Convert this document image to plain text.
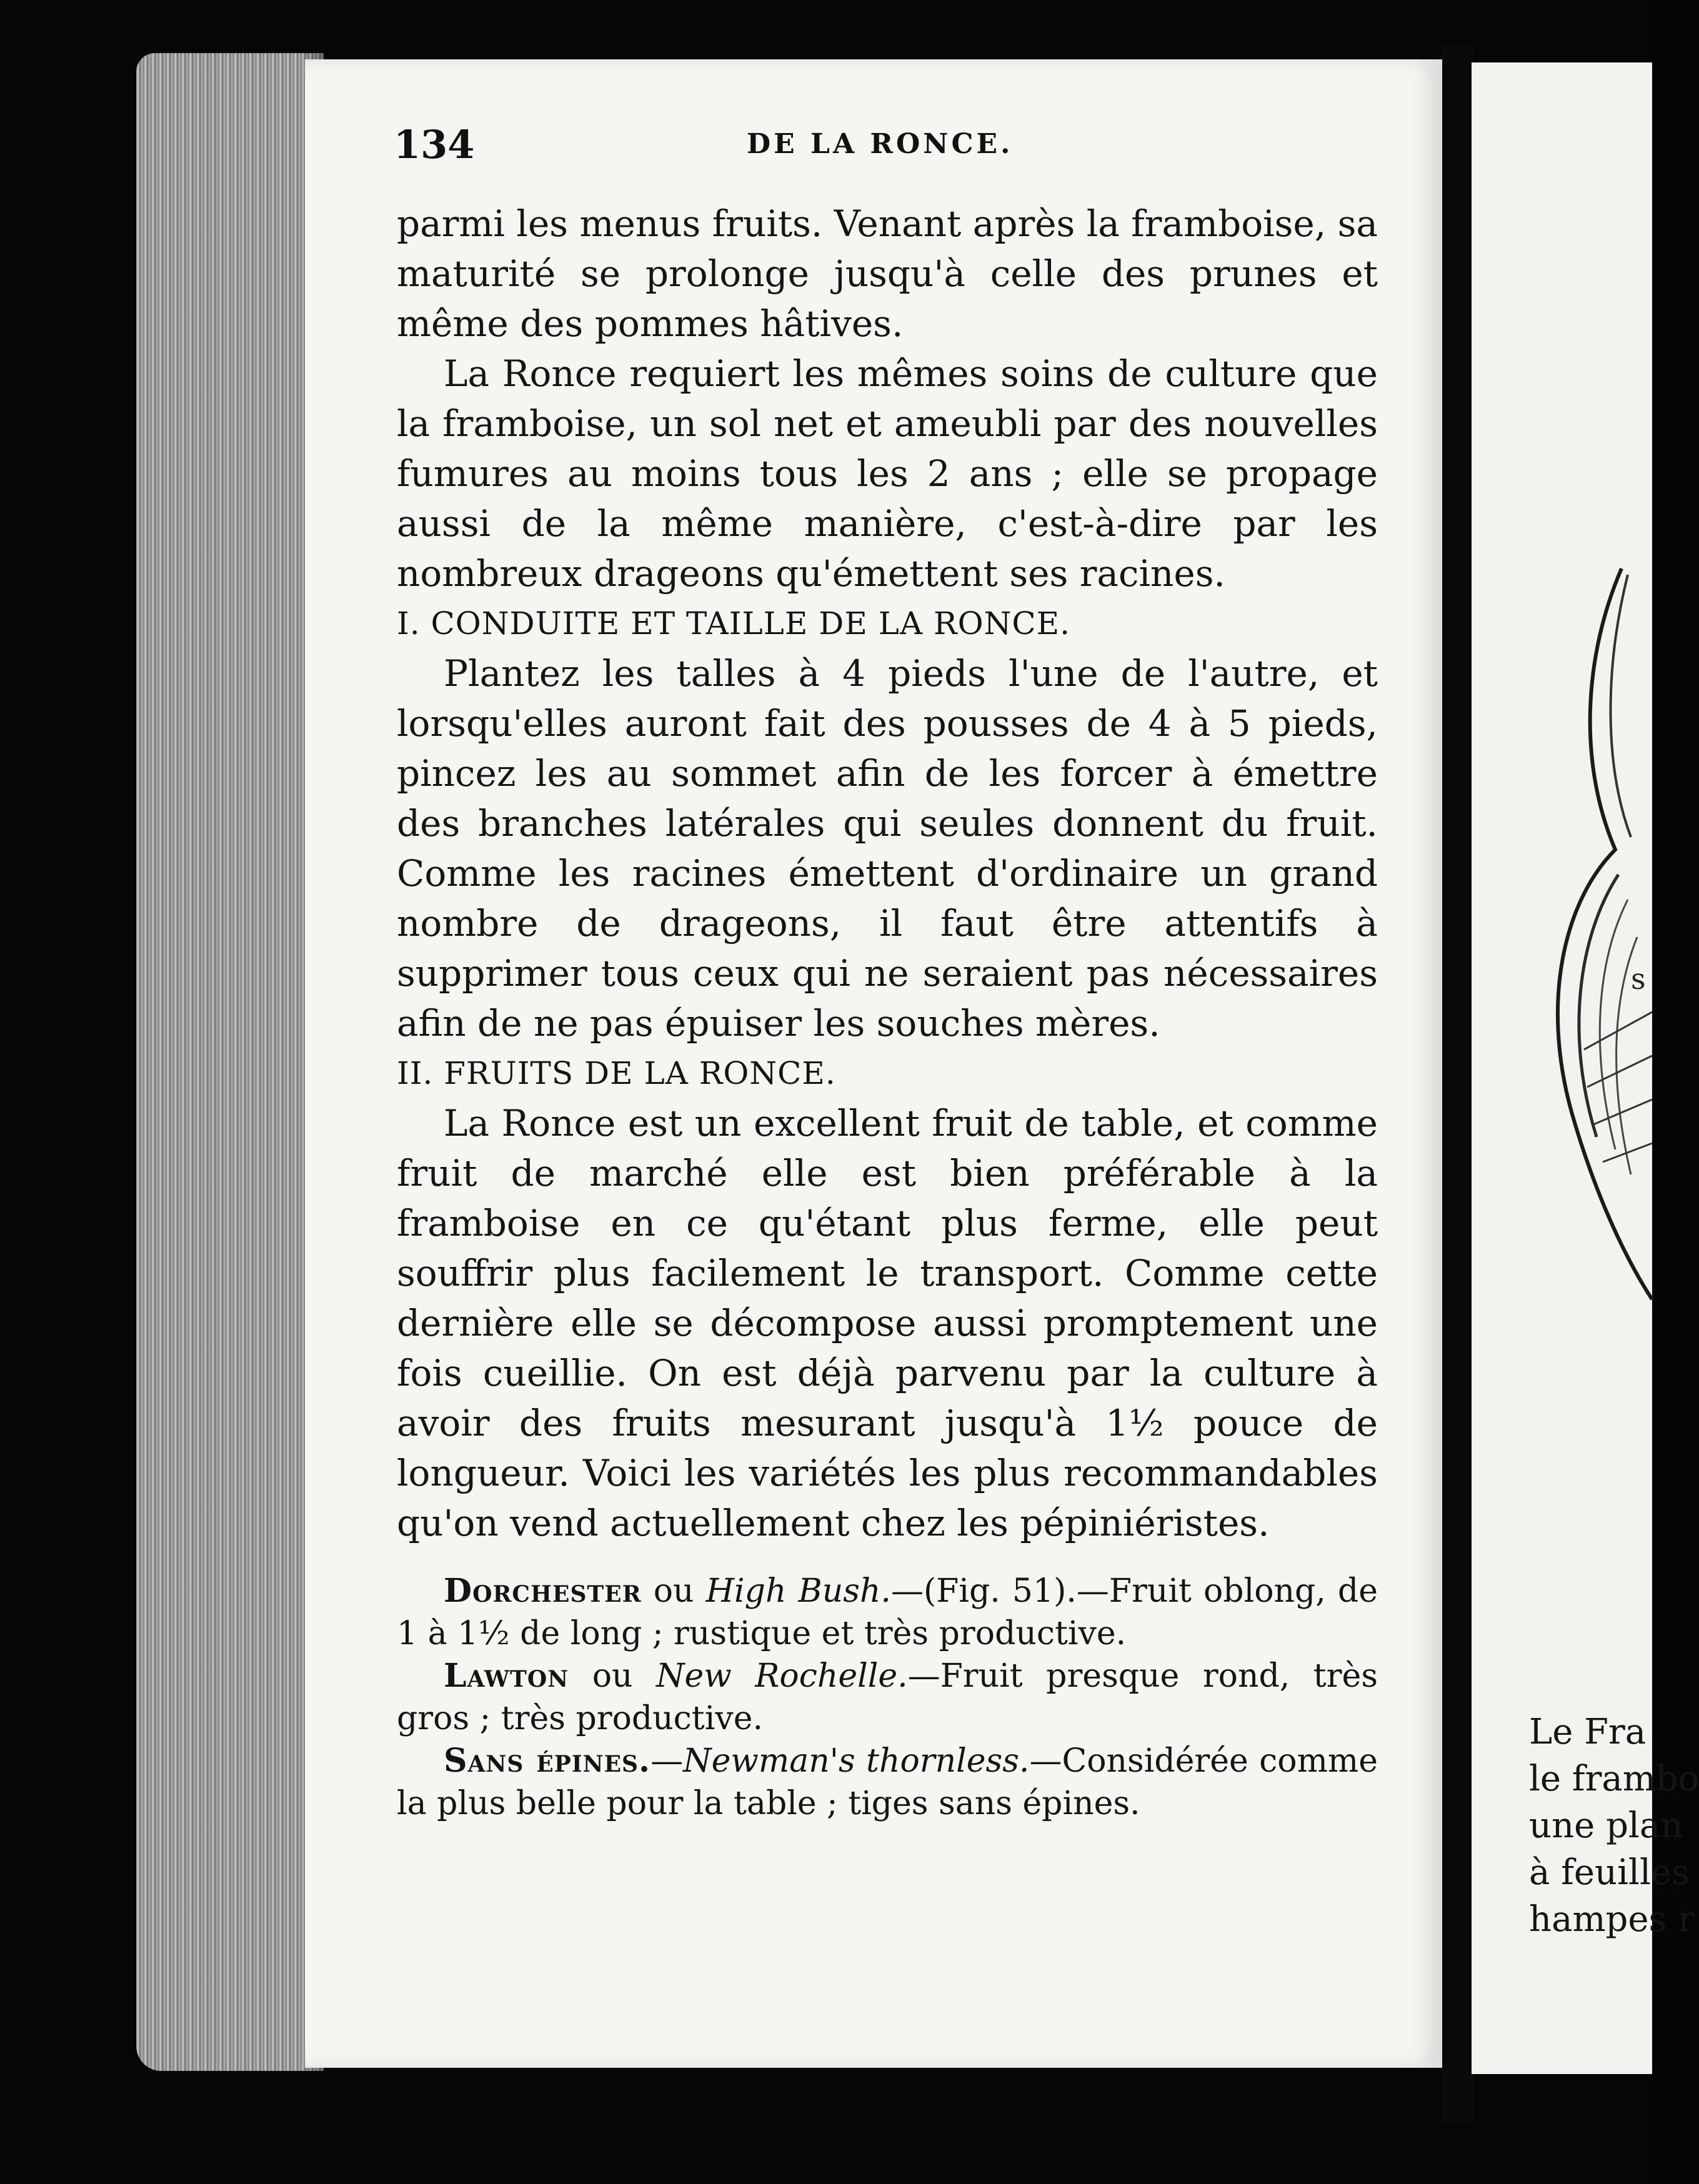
134	DE LA RONCE.

parmi les menus fruits. Venant après la framboise, sa maturité se prolonge jusqu'à celle des prunes et même des pommes hâtives.

La Ronce requiert les mêmes soins de culture que la framboise, un sol net et ameubli par des nouvelles fumures au moins tous les 2 ans ; elle se propage aussi de la même manière, c'est-à-dire par les nombreux drageons qu'émettent ses racines.

I. CONDUITE ET TAILLE DE LA RONCE.

Plantez les talles à 4 pieds l'une de l'autre, et lorsqu'elles auront fait des pousses de 4 à 5 pieds, pincez les au sommet afin de les forcer à émettre des branches latérales qui seules donnent du fruit. Comme les racines émettent d'ordinaire un grand nombre de drageons, il faut être attentifs à supprimer tous ceux qui ne seraient pas nécessaires afin de ne pas épuiser les souches mères.

II. FRUITS DE LA RONCE.

La Ronce est un excellent fruit de table, et comme fruit de marché elle est bien préférable à la framboise en ce qu'étant plus ferme, elle peut souffrir plus facilement le transport. Comme cette dernière elle se décompose aussi promptement une fois cueillie. On est déjà parvenu par la culture à avoir des fruits mesurant jusqu'à 1½ pouce de longueur. Voici les variétés les plus recommandables qu'on vend actuellement chez les pépiniéristes.

Dorchester ou High Bush.—(Fig. 51).—Fruit oblong, de 1 à 1½ de long ; rustique et très productive.

Lawton ou New Rochelle.—Fruit presque rond, très gros ; très productive.

Sans épines.—Newman's thornless.—Considérée comme la plus belle pour la table ; tiges sans épines.

s
Le Fra
le frambo
une plan
à feuilles
hampes r
